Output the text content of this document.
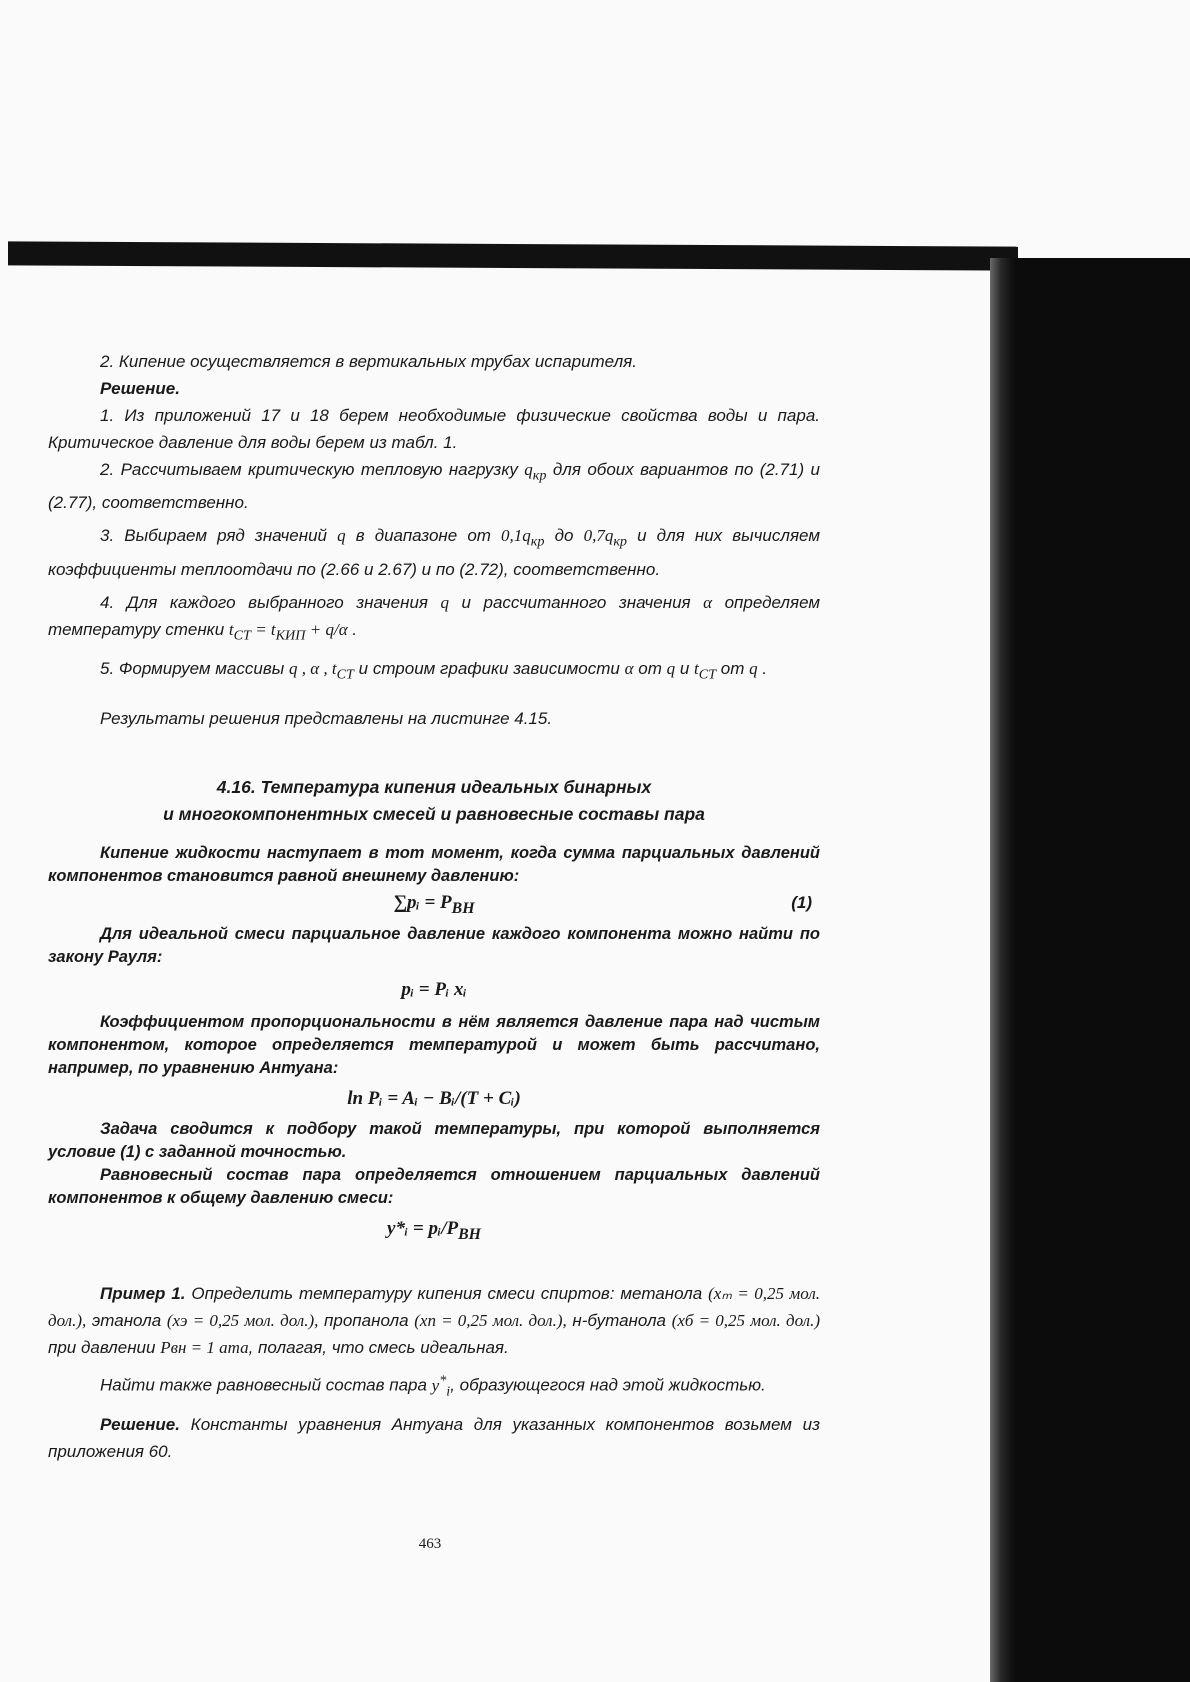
2. Кипение осуществляется в вертикальных трубах испарителя.

Решение.

1. Из приложений 17 и 18 берем необходимые физические свойства воды и пара. Критическое давление для воды берем из табл. 1.

2. Рассчитываем критическую тепловую нагрузку $q_{кр}$ для обоих вариантов по (2.71) и (2.77), соответственно.

3. Выбираем ряд значений q в диапазоне от $0,1q_{кр}$ до $0,7q_{кр}$ и для них вычисляем коэффициенты теплоотдачи по (2.66 и 2.67) и по (2.72), соответственно.

4. Для каждого выбранного значения q и рассчитанного значения α определяем температуру стенки $t_{СТ} = t_{КИП} + q/\alpha$ .

5. Формируем массивы q , α , $t_{СТ}$ и строим графики зависимости α от q и $t_{СТ}$ от q .

Результаты решения представлены на листинге 4.15.

4.16. Температура кипения идеальных бинарных
и многокомпонентных смесей и равновесные составы пара

Кипение жидкости наступает в тот момент, когда сумма парциальных давлений компонентов становится равной внешнему давлению:

∑pᵢ = $P_{ВН}$	(1)

Для идеальной смеси парциальное давление каждого компонента можно найти по закону Рауля:

pᵢ = Pᵢ xᵢ

Коэффициентом пропорциональности в нём является давление пара над чистым компонентом, которое определяется температурой и может быть рассчитано, например, по уравнению Антуана:

ln Pᵢ = Aᵢ − Bᵢ/(T + Cᵢ)

Задача сводится к подбору такой температуры, при которой выполняется условие (1) с заданной точностью.

Равновесный состав пара определяется отношением парциальных давлений компонентов к общему давлению смеси:

y*ᵢ = $pᵢ/P_{ВН}$

Пример 1. Определить температуру кипения смеси спиртов: метанола (xₘ = 0,25 мол. дол.), этанола (xэ = 0,25 мол. дол.), пропанола (xп = 0,25 мол. дол.), н-бутанола (xб = 0,25 мол. дол.) при давлении Pвн = 1 ата, полагая, что смесь идеальная.

Найти также равновесный состав пара $y^*_i$, образующегося над этой жидкостью.

Решение. Константы уравнения Антуана для указанных компонентов возьмем из приложения 60.

463
